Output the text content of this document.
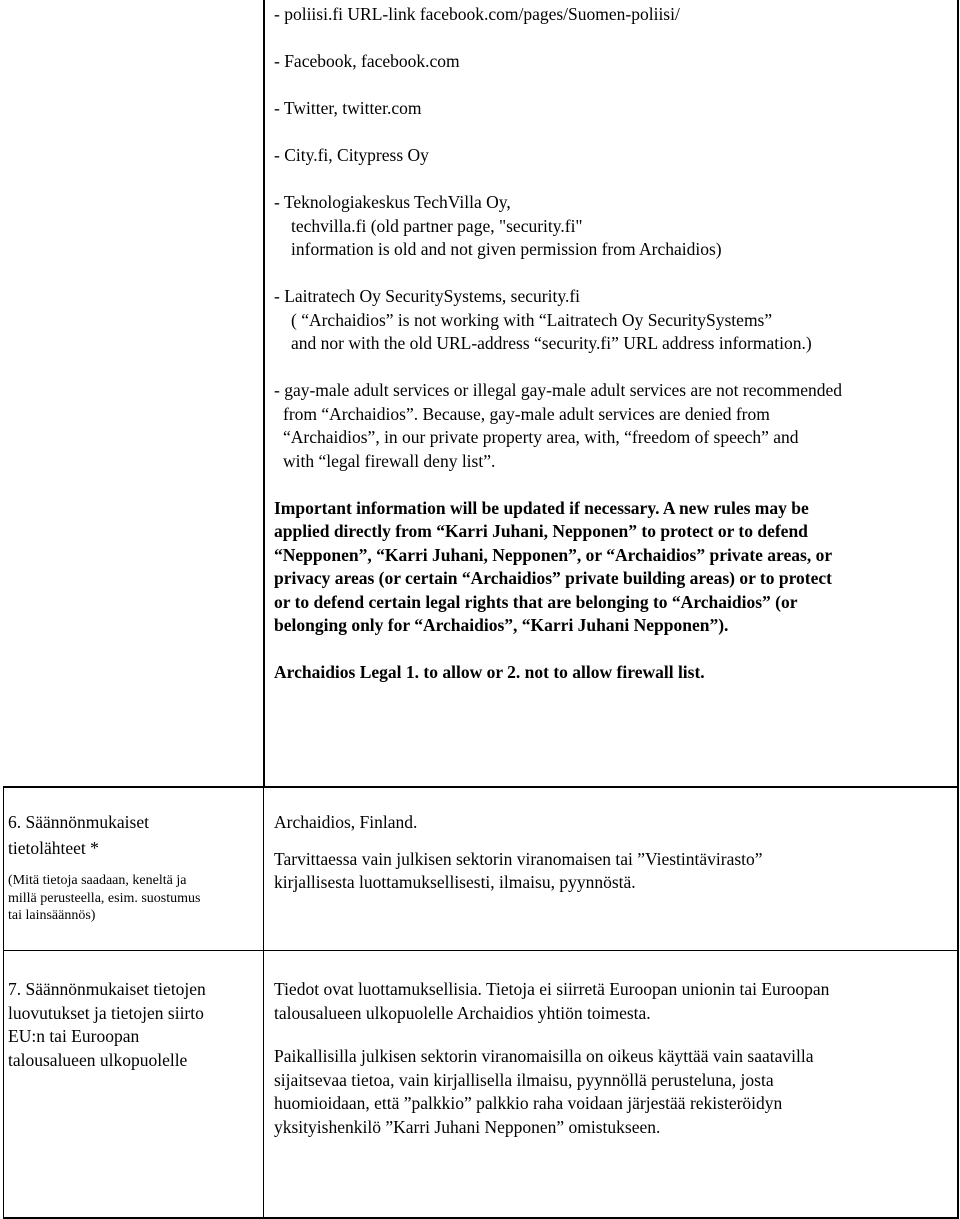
- poliisi.fi URL-link facebook.com/pages/Suomen-poliisi/

- Facebook, facebook.com

- Twitter, twitter.com

- City.fi, Citypress Oy

- Teknologiakeskus TechVilla Oy,

techvilla.fi (old partner page, "security.fi"

information is old and not given permission from Archaidios)

- Laitratech Oy SecuritySystems, security.fi

( “Archaidios” is not working with “Laitratech Oy SecuritySystems”

and nor with the old URL-address “security.fi” URL address information.)

- gay-male adult services or illegal gay-male adult services are not recommended

from “Archaidios”. Because, gay-male adult services are denied from

“Archaidios”, in our private property area, with, “freedom of speech” and

with “legal firewall deny list”.

Important information will be updated if necessary. A new rules may be

applied directly from “Karri Juhani, Nepponen” to protect or to defend

“Nepponen”, “Karri Juhani, Nepponen”, or “Archaidios” private areas, or

privacy areas (or certain “Archaidios” private building areas) or to protect

or to defend certain legal rights that are belonging to “Archaidios” (or

belonging only for “Archaidios”, “Karri Juhani Nepponen”).

Archaidios Legal 1. to allow or 2. not to allow firewall list.

6. Säännönmukaiset

tietolähteet *

(Mitä tietoja saadaan, keneltä ja

millä perusteella, esim. suostumus

tai lainsäännös)

Archaidios, Finland.

Tarvittaessa vain julkisen sektorin viranomaisen tai ”Viestintävirasto”

kirjallisesta luottamuksellisesti, ilmaisu, pyynnöstä.

7. Säännönmukaiset tietojen

luovutukset ja tietojen siirto

EU:n tai Euroopan

talousalueen ulkopuolelle

Tiedot ovat luottamuksellisia. Tietoja ei siirretä Euroopan unionin tai Euroopan

talousalueen ulkopuolelle Archaidios yhtiön toimesta.

Paikallisilla julkisen sektorin viranomaisilla on oikeus käyttää vain saatavilla

sijaitsevaa tietoa, vain kirjallisella ilmaisu, pyynnöllä perusteluna, josta

huomioidaan, että ”palkkio” palkkio raha voidaan järjestää rekisteröidyn

yksityishenkilö ”Karri Juhani Nepponen” omistukseen.
